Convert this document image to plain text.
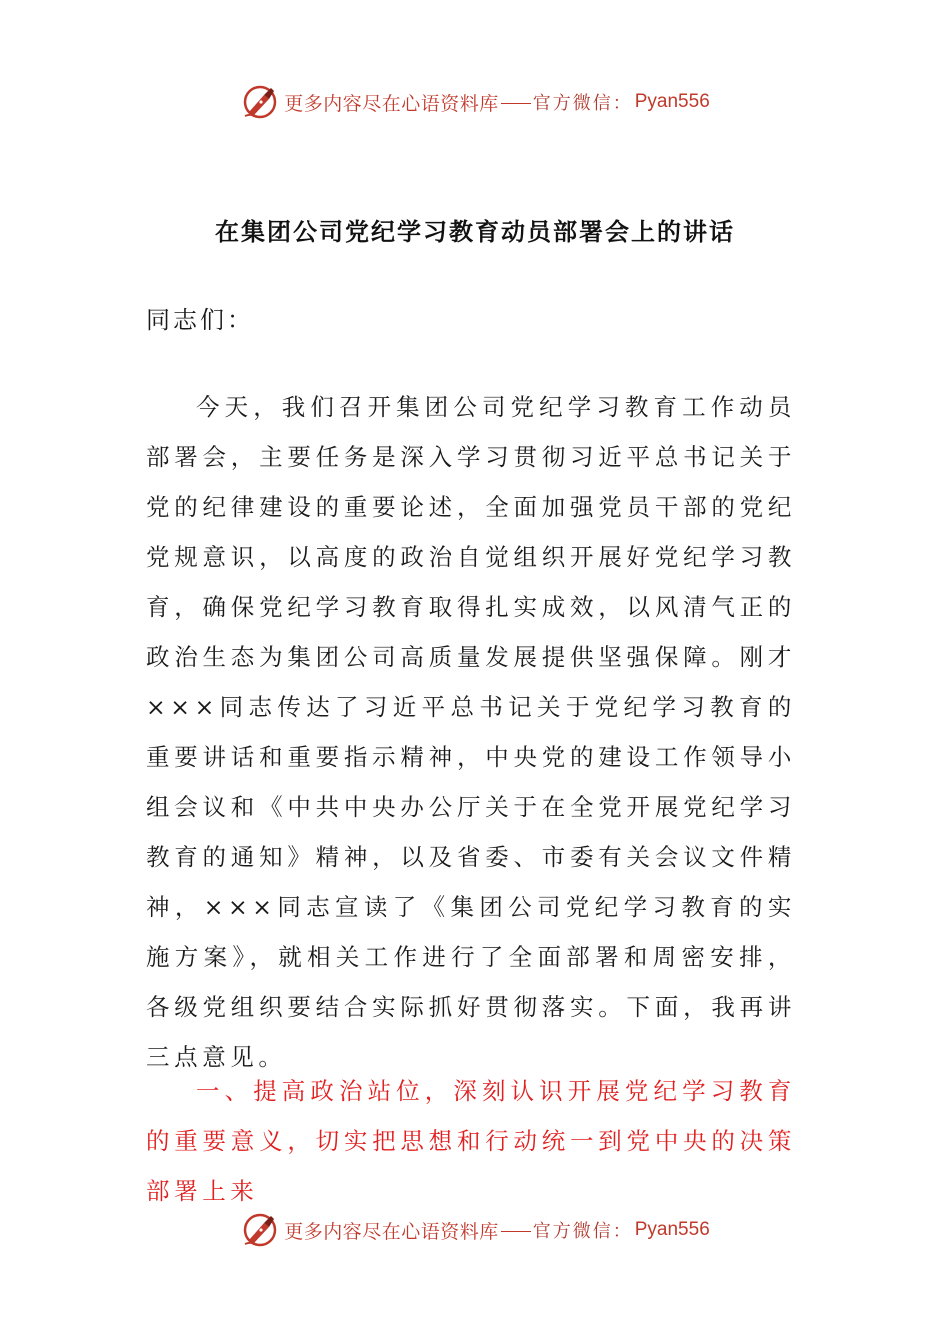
更多内容尽在心语资料库 官方微信： Pyan556
在集团公司党纪学习教育动员部署会上的讲话
同志们：

今天，我们召开集团公司党纪学习教育工作动员部署会，主要任务是深入学习贯彻习近平总书记关于党的纪律建设的重要论述，全面加强党员干部的党纪党规意识，以高度的政治自觉组织开展好党纪学习教育，确保党纪学习教育取得扎实成效，以风清气正的政治生态为集团公司高质量发展提供坚强保障。刚才×××同志传达了习近平总书记关于党纪学习教育的重要讲话和重要指示精神，中央党的建设工作领导小组会议和《中共中央办公厅关于在全党开展党纪学习教育的通知》精神，以及省委、市委有关会议文件精神，×××同志宣读了《集团公司党纪学习教育的实施方案》，就相关工作进行了全面部署和周密安排，各级党组织要结合实际抓好贯彻落实。下面，我再讲三点意见。

一、提高政治站位，深刻认识开展党纪学习教育的重要意义，切实把思想和行动统一到党中央的决策部署上来

更多内容尽在心语资料库 官方微信： Pyan556
